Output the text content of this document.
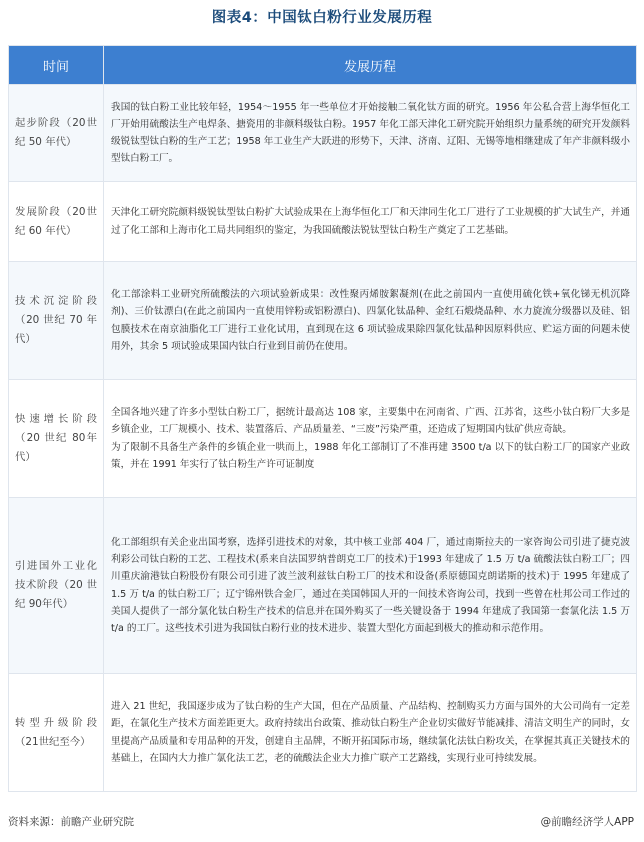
图表4：中国钛白粉行业发展历程
时间	发展历程
起步阶段（20世纪 50 年代）	我国的钛白粉工业比较年轻，1954～1955 年一些单位才开始接触二氧化钛方面的研究。1956 年公私合营上海华恒化工厂开始用硫酸法生产电焊条、搪瓷用的非颜料级钛白粉。1957 年化工部天津化工研究院开始组织力量系统的研究开发颜料级锐钛型钛白粉的生产工艺；1958 年工业生产大跃进的形势下，天津、济南、辽阳、无锡等地相继建成了年产非颜料级小型钛白粉工厂。

发展阶段（20世纪 60 年代）	天津化工研究院颜料级锐钛型钛白粉扩大试验成果在上海华恒化工厂和天津同生化工厂进行了工业规模的扩大试生产，并通过了化工部和上海市化工局共同组织的鉴定，为我国硫酸法锐钛型钛白粉生产奠定了工艺基础。

技术沉淀阶段（20 世纪 70 年代）	化工部涂料工业研究所硫酸法的六项试验新成果：改性聚丙烯胺絮凝剂(在此之前国内一直使用硫化铁+氧化锑无机沉降剂)、三价钛漂白(在此之前国内一直使用锌粉或铝粉漂白)、四氯化钛晶种、金红石煅烧晶种、水力旋流分级器以及硅、铝包膜技术在南京油脂化工厂进行工业化试用，直到现在这 6 项试验成果除四氯化钛晶种因原料供应、贮运方面的问题未使用外，其余 5 项试验成果国内钛白行业到目前仍在使用。

快速增长阶段（20 世纪 80年代）	全国各地兴建了许多小型钛白粉工厂，据统计最高达 108 家，主要集中在河南省、广西、江苏省，这些小钛白粉厂大多是乡镇企业，工厂规模小、技术、装置落后、产品质量差、“三废”污染严重，还造成了短期国内钛矿供应奇缺。

为了限制不具备生产条件的乡镇企业一哄而上，1988 年化工部制订了不准再建 3500 t/a 以下的钛白粉工厂的国家产业政策，并在 1991 年实行了钛白粉生产许可证制度

引进国外工业化技术阶段（20 世纪 90年代）	化工部组织有关企业出国考察，选择引进技术的对象，其中核工业部 404 厂，通过南斯拉夫的一家咨询公司引进了捷克波利彩公司钛白粉的工艺、工程技术(系来自法国罗纳普朗克工厂的技术)于1993 年建成了 1.5 万 t/a 硫酸法钛白粉工厂；四川重庆渝港钛白粉股份有限公司引进了波兰波利兹钛白粉工厂的技术和设备(系原德国克朗诺斯的技术)于 1995 年建成了 1.5 万 t/a 的钛白粉工厂；辽宁锦州铁合金厂，通过在美国韩国人开的一间技术咨询公司，找到一些曾在杜邦公司工作过的美国人提供了一部分氯化钛白粉生产技术的信息并在国外购买了一些关键设备于 1994 年建成了我国第一套氯化法 1.5 万 t/a 的工厂。这些技术引进为我国钛白粉行业的技术进步、装置大型化方面起到极大的推动和示范作用。

转型升级阶段（21世纪至今）	进入 21 世纪，我国逐步成为了钛白粉的生产大国，但在产品质量、产品结构、控制购买力方面与国外的大公司尚有一定差距，在氯化生产技术方面差距更大。政府持续出台政策、推动钛白粉生产企业切实做好节能减排、清洁文明生产的同时，女里提高产品质量和专用品种的开发，创建自主品牌，不断开拓国际市场，继续氯化法钛白粉攻关，在掌握其真正关键技术的基础上，在国内大力推广氯化法工艺，老的硫酸法企业大力推广联产工艺路线，实现行业可持续发展。

资料来源：前瞻产业研究院	@前瞻经济学人APP
